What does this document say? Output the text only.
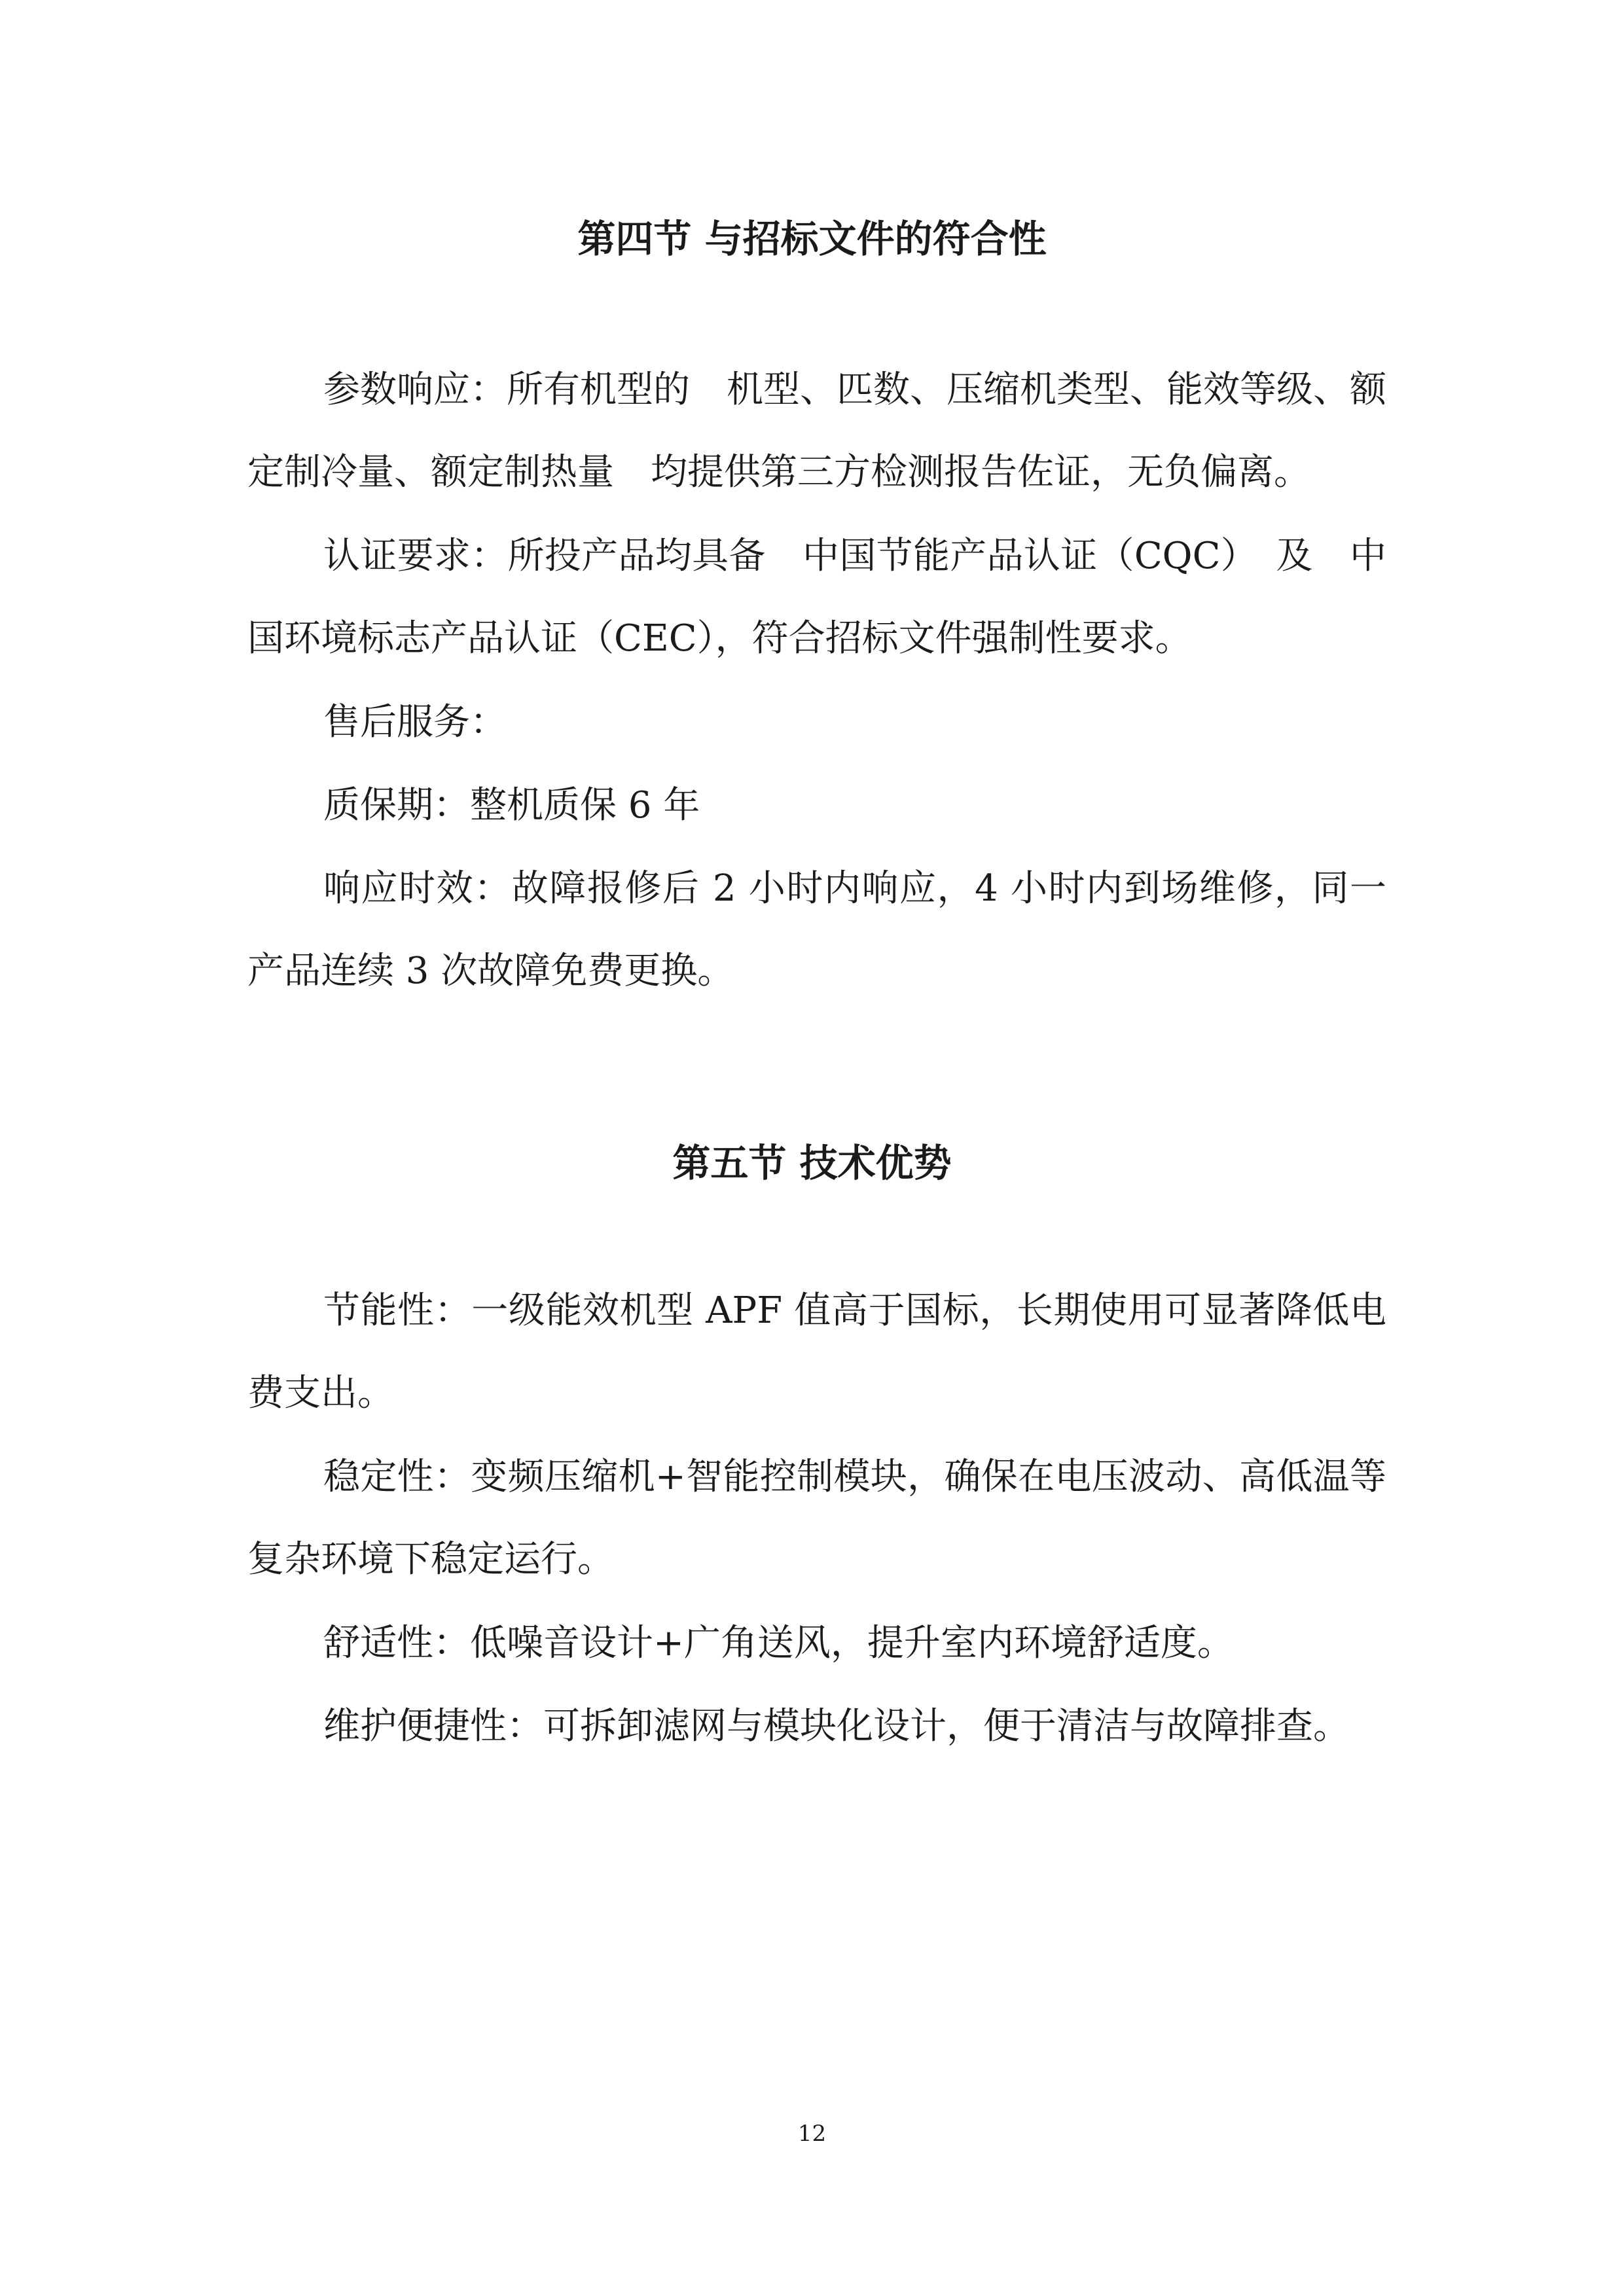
第四节 与招标文件的符合性

参数响应：所有机型的　机型、匹数、压缩机类型、能效等级、额定制冷量、额定制热量　均提供第三方检测报告佐证，无负偏离。

认证要求：所投产品均具备　中国节能产品认证（CQC）　及　中国环境标志产品认证（CEC），符合招标文件强制性要求。

售后服务：

质保期：整机质保 6 年

响应时效：故障报修后 2 小时内响应，4 小时内到场维修，同一产品连续 3 次故障免费更换。

第五节 技术优势

节能性：一级能效机型 APF 值高于国标，长期使用可显著降低电费支出。

稳定性：变频压缩机+智能控制模块，确保在电压波动、高低温等复杂环境下稳定运行。

舒适性：低噪音设计+广角送风，提升室内环境舒适度。

维护便捷性：可拆卸滤网与模块化设计，便于清洁与故障排查。

12
